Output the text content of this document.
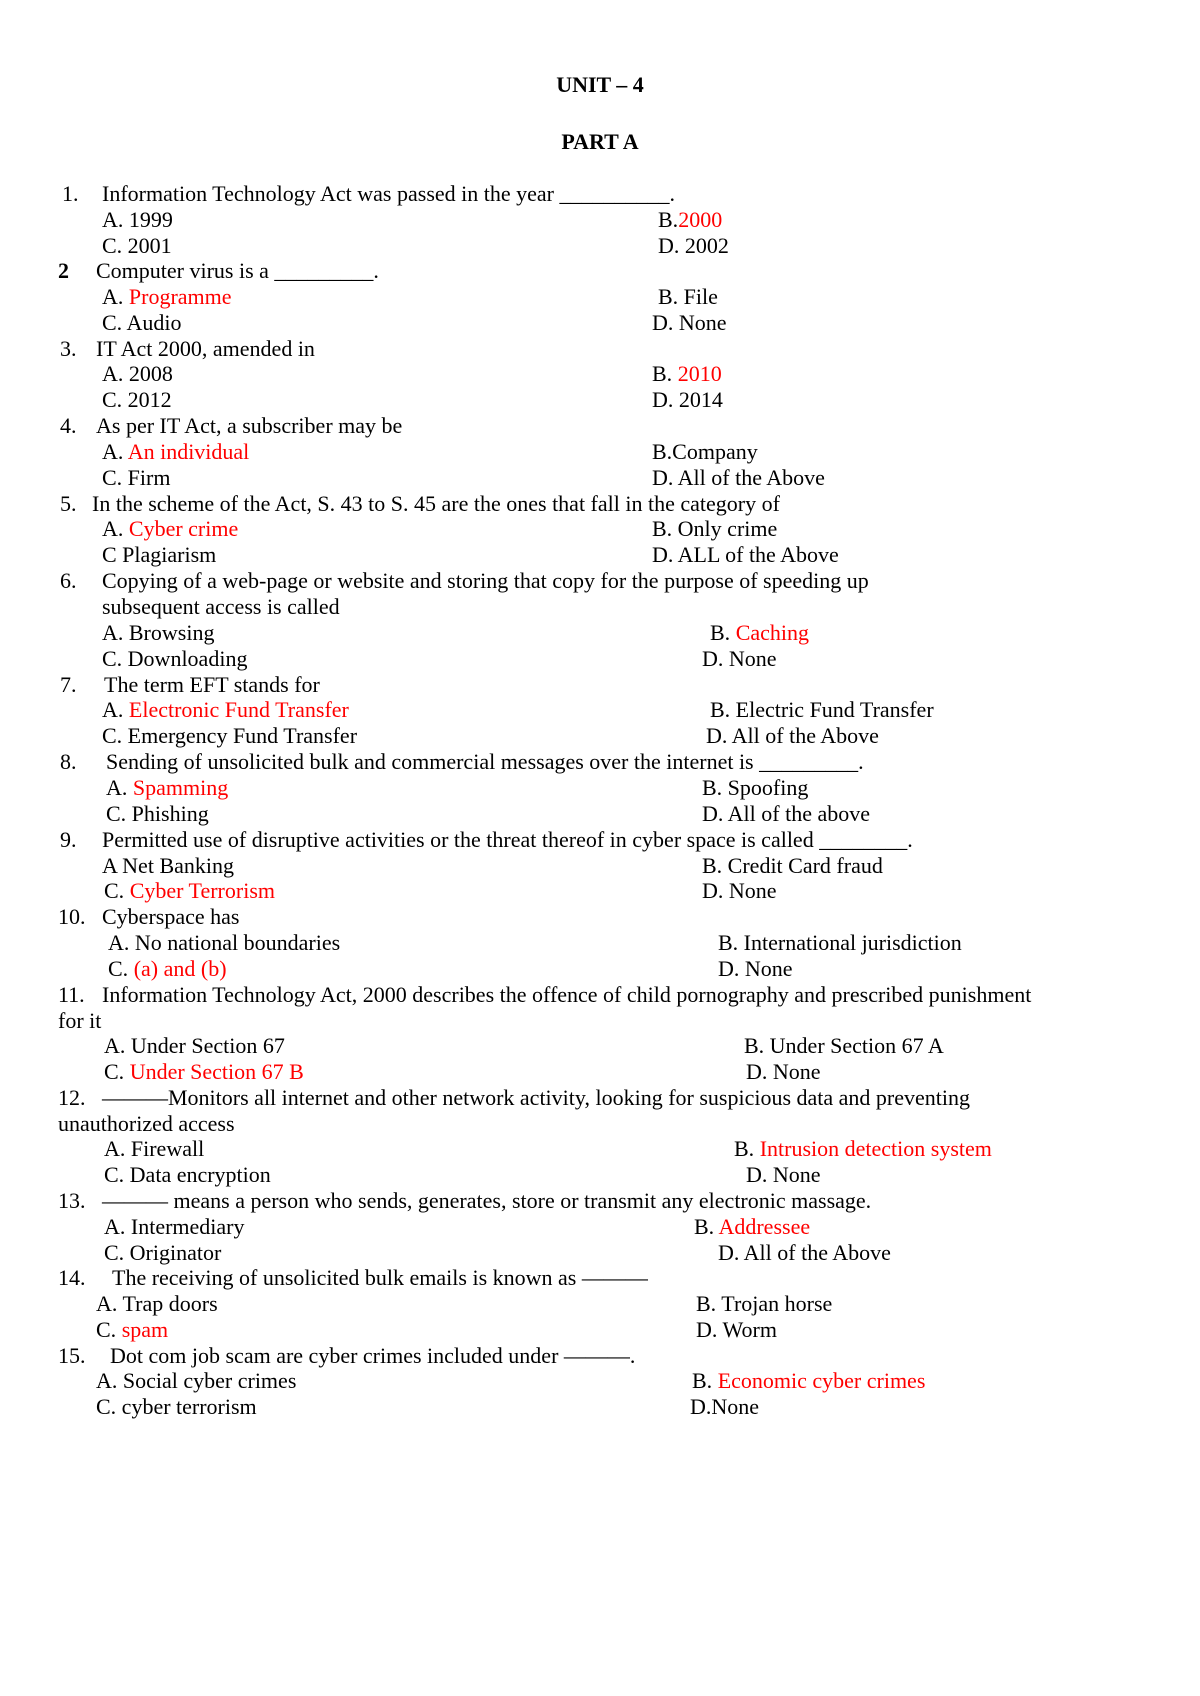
UNIT – 4
PART A
1. Information Technology Act was passed in the year __________.
A. 1999	B.2000
C. 2001	D. 2002
2 Computer virus is a _________.
A. Programme	B. File
C. Audio	D. None
3. IT Act 2000, amended in
A. 2008	B. 2010
C. 2012	D. 2014
4. As per IT Act, a subscriber may be
A. An individual	B.Company
C. Firm	D. All of the Above
5. In the scheme of the Act, S. 43 to S. 45 are the ones that fall in the category of
A. Cyber crime	B. Only crime
C Plagiarism	D. ALL of the Above
6. Copying of a web-page or website and storing that copy for the purpose of speeding up
subsequent access is called
A. Browsing	B. Caching
C. Downloading	D. None
7. The term EFT stands for
A. Electronic Fund Transfer	B. Electric Fund Transfer
C. Emergency Fund Transfer	D. All of the Above
8. Sending of unsolicited bulk and commercial messages over the internet is _________.
A. Spamming	B. Spoofing
C. Phishing	D. All of the above
9. Permitted use of disruptive activities or the threat thereof in cyber space is called ________.
A Net Banking	B. Credit Card fraud
C. Cyber Terrorism	D. None
10. Cyberspace has
A. No national boundaries	B. International jurisdiction
C. (a) and (b)	D. None
11. Information Technology Act, 2000 describes the offence of child pornography and prescribed punishment
for it
A. Under Section 67	B. Under Section 67 A
C. Under Section 67 B	D. None
12. ———Monitors all internet and other network activity, looking for suspicious data and preventing
unauthorized access
A. Firewall	B. Intrusion detection system
C. Data encryption	D. None
13. ——— means a person who sends, generates, store or transmit any electronic massage.
A. Intermediary	B. Addressee
C. Originator	D. All of the Above
14. The receiving of unsolicited bulk emails is known as ———
A. Trap doors	B. Trojan horse
C. spam	D. Worm
15. Dot com job scam are cyber crimes included under ———.
A. Social cyber crimes	B. Economic cyber crimes
C. cyber terrorism	D.None
